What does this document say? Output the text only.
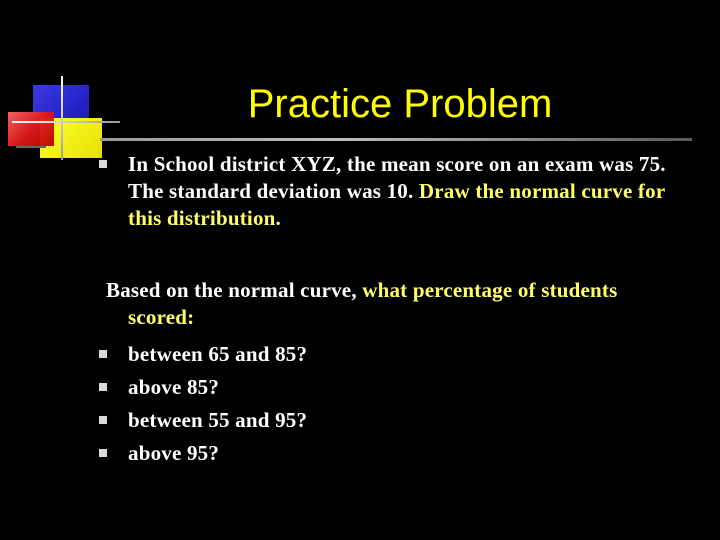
Practice Problem
In School district XYZ, the mean score on an exam was 75. The standard deviation was 10. Draw the normal curve for this distribution.
Based on the normal curve, what percentage of students
scored:
between 65 and 85?
above 85?
between 55 and 95?
above 95?
